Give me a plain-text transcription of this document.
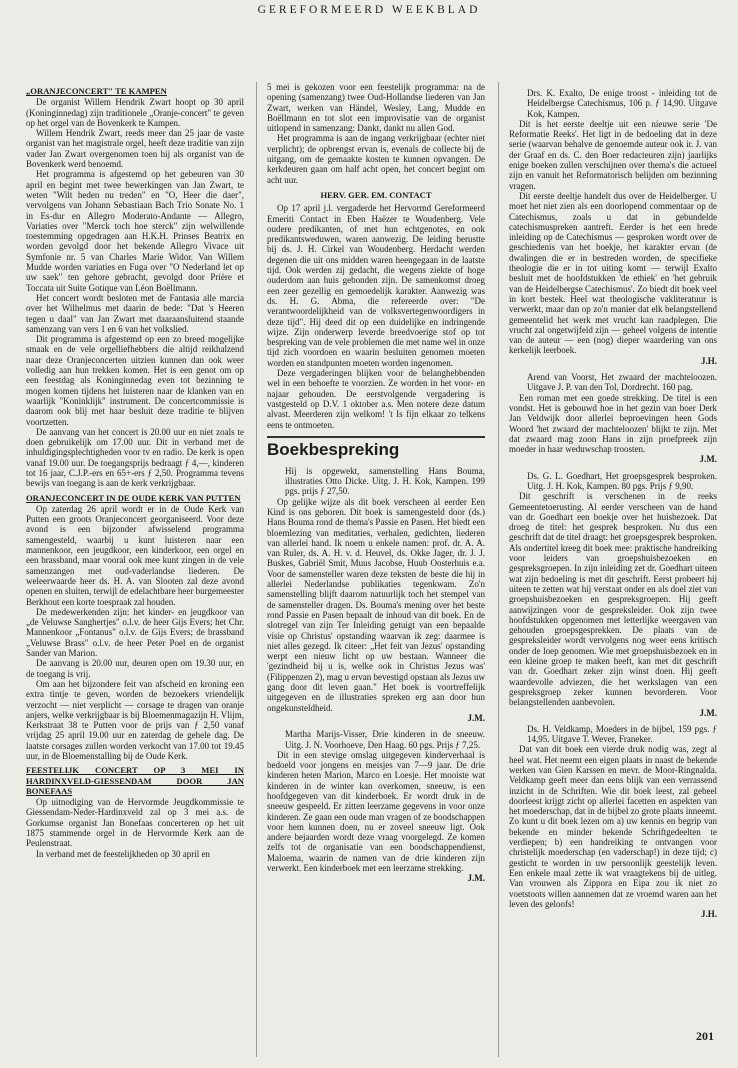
GEREFORMEERD WEEKBLAD

„ORANJECONCERT" TE KAMPEN

De organist Willem Hendrik Zwart hoopt op 30 april (Koninginnedag) zijn traditionele „Oranje-concert" te geven op het orgel van de Bovenkerk te Kampen.

Willem Hendrik Zwart, reeds meer dan 25 jaar de vaste organist van het magistrale orgel, heeft deze traditie van zijn vader Jan Zwart overgenomen toen hij als organist van de Bovenkerk werd benoemd.

Het programma is afgestemd op het gebeuren van 30 april en begint met twee bewerkingen van Jan Zwart, te weten "Wilt heden nu treden" en "O, Heer die daer", vervolgens van Johann Sebastiaan Bach Trio Sonate No. 1 in Es-dur en Allegro Moderato-Andante — Allegro, Variaties over "Merck toch hoe sterck" zijn welwillende toestemming opgedragen aan H.K.H. Prinses Beatrix en worden gevolgd door het bekende Allegro Vivace uit Symfonie nr. 5 van Charles Marie Widor. Van Willem Mudde worden variaties en Fuga over "O Nederland let op uw saek" ten gehore gebracht, gevolgd door Prière et Toccata uit Suite Gotique van Léon Boëllmann.

Het concert wordt besloten met de Fantasia alle marcia over het Wilhelmus met daarin de bede: "Dat 's Heeren tegen u daal" van Jan Zwart met daaraansluitend staande samenzang van vers 1 en 6 van het volkslied.

Dit programma is afgestemd op een zo breed mogelijke smaak en de vele orgelliefhebbers die altijd reikhalzend naar deze Oranjeconcerten uitzien kunnen dan ook weer volledig aan hun trekken komen. Het is een genot om op een feestdag als Koninginnedag even tot bezinning te mogen komen tijdens het luisteren naar de klanken van en waarlijk "Koninklijk" instrument. De concertcommissie is daarom ook blij met haar besluit deze traditie te blijven voortzetten.

De aanvang van het concert is 20.00 uur en niet zoals te doen gebruikelijk om 17.00 uur. Dit in verband met de inhuldigingsplechtigheden voor tv en radio. De kerk is open vanaf 19.00 uur. De toegangsprijs bedraagt ƒ 4,—, kinderen tot 16 jaar, C.J.P.-ers en 65+-ers ƒ 2,50. Programma tevens bewijs van toegang is aan de kerk verkrijgbaar.

ORANJECONCERT IN DE OUDE KERK VAN PUTTEN

Op zaterdag 26 april wordt er in de Oude Kerk van Putten een groots Oranjeconcert georganiseerd. Voor deze avond is een bijzonder afwisselend programma samengesteld, waarbij u kunt luisteren naar een mannenkoor, een jeugdkoor, een kinderkoor, een orgel en een brassband, maar vooral ook mee kunt zingen in de vele samenzangen met oud-vaderlandse liederen. De weleerwaarde heer ds. H. A. van Slooten zal deze avond openen en sluiten, terwijl de edelachtbare heer burgemeester Berkhout een korte toespraak zal houden.

De medewerkenden zijn: het kinder- en jeugdkoor van „de Veluwse Sanghertjes" o.l.v. de heer Gijs Evers; het Chr. Mannenkoor „Fontanus" o.l.v. de Gijs Evers; de brassband „Veluwse Brass" o.l.v. de heer Peter Poel en de organist Sander van Marion.

De aanvang is 20.00 uur, deuren open om 19.30 uur, en de toegang is vrij.

Om aan het bijzondere feit van afscheid en kroning een extra tintje te geven, worden de bezoekers vriendelijk verzocht — niet verplicht — corsage te dragen van oranje anjers, welke verkrijgbaar is bij Bloemenmagazijn H. Vlijm, Kerkstraat 38 te Putten voor de prijs van ƒ 2,50 vanaf vrijdag 25 april 19.00 uur en zaterdag de gehele dag. De laatste corsages zullen worden verkocht van 17.00 tot 19.45 uur, in de Bloemenstalling bij de Oude Kerk.

FEESTELIJK CONCERT OP 3 MEI IN HARDINXVELD-GIESSENDAM DOOR JAN BONEFAAS

Op uitnodiging van de Hervormde Jeugdkommissie te Giessendam-Neder-Hardinxveld zal op 3 mei a.s. de Gorkumse organist Jan Bonefaas concerteren op het uit 1875 stammende orgel in de Hervormde Kerk aan de Peulenstraat.

In verband met de feestelijkheden op 30 april en

5 mei is gekozen voor een feestelijk programma: na de opening (samenzang) twee Oud-Hollandse liederen van Jan Zwart, werken van Händel, Wesley, Lang, Mudde en Boëllmann en tot slot een improvisatie van de organist uitlopend in samenzang: Dankt, dankt nu allen God.

Het programma is aan de ingang verkrijgbaar (echter niet verplicht); de opbrengst ervan is, evenals de collecte bij de uitgang, om de gemaakte kosten te kunnen opvangen. De kerkdeuren gaan om half acht open, het concert begint om acht uur.

HERV. GER. EM. CONTACT

Op 17 april j.l. vergaderde het Hervormd Gereformeerd Emeriti Contact in Eben Haëzer te Woudenberg. Vele oudere predikanten, of met hun echtgenotes, en ook predikantsweduwen, waren aanwezig. De leiding berustte bij ds. J. H. Cirkel van Woudenberg. Herdacht werden degenen die uit ons midden waren heengegaan in de laatste tijd. Ook werden zij gedacht, die wegens ziekte of hoge ouderdom aan huis gebonden zijn. De samenkomst droeg een zeer gezellig en gemoedelijk karakter. Aanwezig was ds. H. G. Abma, die refereerde over: "De verantwoordelijkheid van de volksvertegenwoordigers in deze tijd". Hij deed dit op een duidelijke en indringende wijze. Zijn onderwerp leverde breedvoerige stof op tot bespreking van de vele problemen die met name wel in onze tijd zich voordoen en waarin besluiten genomen moeten worden en standpunten moeten worden ingenomen.

Deze vergaderingen blijken voor de belanghebbenden wel in een behoefte te voorzien. Ze worden in het voor- en najaar gehouden. De eerstvolgende vergadering is vastgesteld op D.V. 1 oktober a.s. Men notere deze datum alvast. Meerderen zijn welkom! 't Is fijn elkaar zo telkens eens te ontmoeten.

Boekbespreking

Hij is opgewekt, samenstelling Hans Bouma, illustraties Otto Dicke. Uitg. J. H. Kok, Kampen. 199 pgs. prijs ƒ 27,50.

Op gelijke wijze als dit boek verscheen al eerder Een Kind is ons geboren. Dit boek is samengesteld door (ds.) Hans Bouma rond de thema's Passie en Pasen. Het biedt een bloemlezing van meditaties, verhalen, gedichten, liederen van allerlei hand. Ik noem u enkele namen: prof. dr. A. A. van Ruler, ds. A. H. v. d. Heuvel, ds. Okke Jager, dr. J. J. Buskes, Gabriël Smit, Muus Jacobse, Huub Oosterhuis e.a. Voor de samensteller waren deze teksten de beste die hij in allerlei Nederlandse publikaties tegenkwam. Zo'n samenstelling blijft daarom natuurlijk toch het stempel van de samensteller dragen. Ds. Bouma's mening over het beste rond Passie en Pasen bepaalt de inhoud van dit boek. En de slotregel van zijn Ter Inleiding getuigt van een bepaalde visie op Christus' opstanding waarvan ik zeg: daarmee is niet alles gezegd. Ik citeer: „Het feit van Jezus' opstanding werpt een nieuw licht op uw bestaan. Wanneer die 'gezindheid bij u is, welke ook in Christus Jezus was' (Filippenzen 2), mag u ervan bevestigd opstaan als Jezus uw gang door dit leven gaan." Het boek is voortreffelijk uitgegeven en de illustraties spreken erg aan door hun ongekunsteldheid.

J.M.

Martha Marijs-Visser, Drie kinderen in de sneeuw. Uitg. J. N. Voorhoeve, Den Haag. 60 pgs. Prijs ƒ 7,25.

Dit in een stevige omslag uitgegeven kinderverhaal is bedoeld voor jongens en meisjes van 7—9 jaar. De drie kinderen heten Marion, Marco en Loesje. Het mooiste wat kinderen in de winter kan overkomen, sneeuw, is een hoofdgegeven van dit kinderboek. Er wordt druk in de sneeuw gespeeld. Er zitten leerzame gegevens in voor onze kinderen. Ze gaan een oude man vragen of ze boodschappen voor hem kunnen doen, nu er zoveel sneeuw ligt. Ook andere bejaarden wordt deze vraag voorgelegd. Ze komen zelfs tot de organisatie van een boodschappendienst, Maloema, waarin de namen van de drie kinderen zijn verwerkt. Een kinderboek met een leerzame strekking.

J.M.

Drs. K. Exalto, De enige troost - inleiding tot de Heidelbergse Catechismus, 106 p. ƒ 14,90. Uitgave Kok, Kampen.

Dit is het eerste deeltje uit een nieuwe serie 'De Reformatie Reeks'. Het ligt in de bedoeling dat in deze serie (waarvan behalve de genoemde auteur ook ir. J. van der Graaf en ds. C. den Boer redacteuren zijn) jaarlijks enige boeken zullen verschijnen over thema's die actueel zijn en vanuit het Reformatorisch belijden om bezinning vragen.

Dit eerste deeltje handelt dus over de Heidelberger. U moet het niet zien als een doorlopend commentaar op de Catechismus, zoals u dat in gebundelde catechismuspreken aantreft. Eerder is het een brede inleiding op de Catechismus — gesproken wordt over de geschiedenis van het boekje, het karakter ervan (de dwalingen die er in bestreden worden, de specifieke theologie die er in tot uiting komt — terwijl Exalto besluit met de hoofdstukken 'de ethiek' en 'het gebruik van de Heidelbergse Catechismus'. Zo biedt dit boek veel in kort bestek. Heel wat theologische vakliteratuur is verwerkt, maar dan op zo'n manier dat elk belangstellend gemeentelid het werk met vrucht kan raadplegen. Die vrucht zal ongetwijfeld zijn — geheel volgens de intentie van de auteur — een (nog) dieper waardering van ons kerkelijk leerboek.

J.H.

Arend van Voorst, Het zwaard der machteloozen. Uitgave J. P. van den Tol, Dordrecht. 160 pag.

Een roman met een goede strekking. De titel is een vondst. Het is gebouwd hoe in het gezin van boer Derk Jan Veldwijk door allerlei beproevingen heen Gods Woord 'het zwaard der machteloozen' blijkt te zijn. Met dat zwaard mag zoon Hans in zijn proefpreek zijn moeder in haar weduwschap troosten.

J.M.

Ds. G. L. Goedhart, Het groepsgesprek besproken. Uitg. J. H. Kok, Kampen. 80 pgs. Prijs ƒ 9,90.

Dit geschrift is verschenen in de reeks Gemeentetoerusting. Al eerder verscheen van de hand van dr. Goedhart een boekje over het huisbezoek. Dat droeg de titel: het gesprek besproken. Nu dus een geschrift dat de titel draagt: het groepsgesprek besproken. Als ondertitel kreeg dit boek mee: praktische handreiking voor leiders van groepshuisbezoeken en gespreksgroepen. In zijn inleiding zet dr. Goedhart uiteen wat zijn bedoeling is met dit geschrift. Eerst probeert hij uiteen te zetten wat hij verstaat onder en als doel ziet van groepshuisbezoeken en gespreksgroepen. Hij geeft aanwijzingen voor de gespreksleider. Ook zijn twee hoofdstukken opgenomen met letterlijke weergaven van gehouden groepsgesprekken. De plaats van de gespreksleider wordt vervolgens nog weer eens kritisch onder de loep genomen. Wie met groepshuisbezoek en in een kleine groep te maken heeft, kan met dit geschrift van dr. Goedhart zeker zijn winst doen. Hij geeft waardevolle adviezen, die het werkslagen van een gespreksgroep zeker kunnen bevorderen. Voor belangstellenden aanbevolen.

J.M.

Ds. H. Veldkamp, Moeders in de bijbel, 159 pgs. ƒ 14,95. Uitgave T. Wever, Franeker.

Dat van dit boek een vierde druk nodig was, zegt al heel wat. Het neemt een eigen plaats in naast de bekende werken van Gien Karssen en mevr. de Moor-Ringnalda. Veldkamp geeft meer dan eens blijk van een verrassend inzicht in de Schriften. Wie dit boek leest, zal gebeel doorleest krijgt zicht op allerlei facetten en aspekten van het moederschap, dat in de bijbel zo grote plaats inneemt. Zo kunt u dit boek lezen om a) uw kennis en begrip van bekende en minder bekende Schriftgedeelten te verdiepen; b) een handreiking te ontvangen voor christelijk moederschap (en vaderschap!) in deze tijd; c) gesticht te worden in uw persoonlijk geestelijk leven. Een enkele maal zette ik wat vraagtekens bij de uitleg. Van vrouwen als Zippora en Eipa zou ik niet zo voetstoots willen aannemen dat ze vroemd waren aan het leven des geloofs!

J.H.

201
